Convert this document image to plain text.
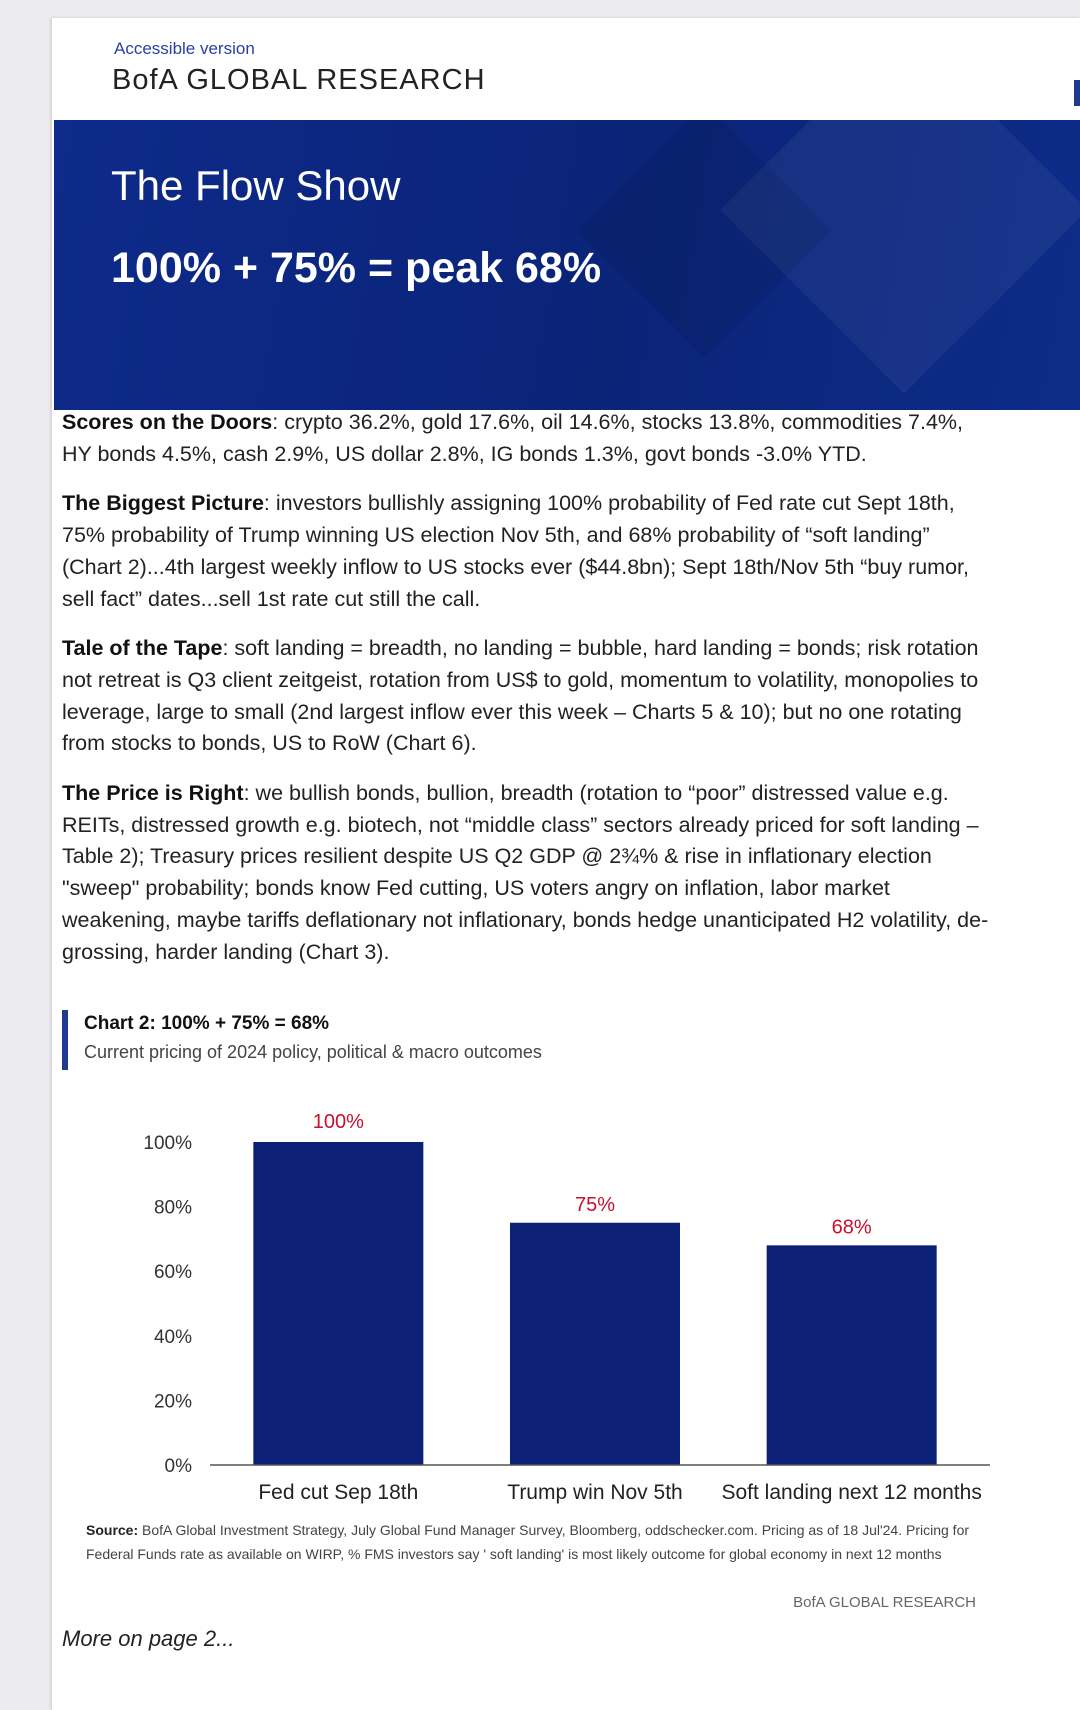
Accessible version
BofA GLOBAL RESEARCH
The Flow Show
100% + 75% = peak 68%

Scores on the Doors: crypto 36.2%, gold 17.6%, oil 14.6%, stocks 13.8%, commodities 7.4%, HY bonds 4.5%, cash 2.9%, US dollar 2.8%, IG bonds 1.3%, govt bonds -3.0% YTD.

The Biggest Picture: investors bullishly assigning 100% probability of Fed rate cut Sept 18th, 75% probability of Trump winning US election Nov 5th, and 68% probability of “soft landing” (Chart 2)...4th largest weekly inflow to US stocks ever ($44.8bn); Sept 18th/Nov 5th “buy rumor, sell fact” dates...sell 1st rate cut still the call.

Tale of the Tape: soft landing = breadth, no landing = bubble, hard landing = bonds; risk rotation not retreat is Q3 client zeitgeist, rotation from US$ to gold, momentum to volatility, monopolies to leverage, large to small (2nd largest inflow ever this week – Charts 5 & 10); but no one rotating from stocks to bonds, US to RoW (Chart 6).

The Price is Right: we bullish bonds, bullion, breadth (rotation to “poor” distressed value e.g. REITs, distressed growth e.g. biotech, not “middle class” sectors already priced for soft landing – Table 2); Treasury prices resilient despite US Q2 GDP @ 2¾% & rise in inflationary election "sweep" probability; bonds know Fed cutting, US voters angry on inflation, labor market weakening, maybe tariffs deflationary not inflationary, bonds hedge unanticipated H2 volatility, de-grossing, harder landing (Chart 3).

Chart 2: 100% + 75% = 68%
Current pricing of 2024 policy, political & macro outcomes
0%
20%
40%
60%
80%
100%
100%
Fed cut Sep 18th
75%
Trump win Nov 5th
68%
Soft landing next 12 months
Source: BofA Global Investment Strategy, July Global Fund Manager Survey, Bloomberg, oddschecker.com. Pricing as of 18 Jul'24. Pricing for Federal Funds rate as available on WIRP, % FMS investors say ' soft landing' is most likely outcome for global economy in next 12 months
BofA GLOBAL RESEARCH
More on page 2...
